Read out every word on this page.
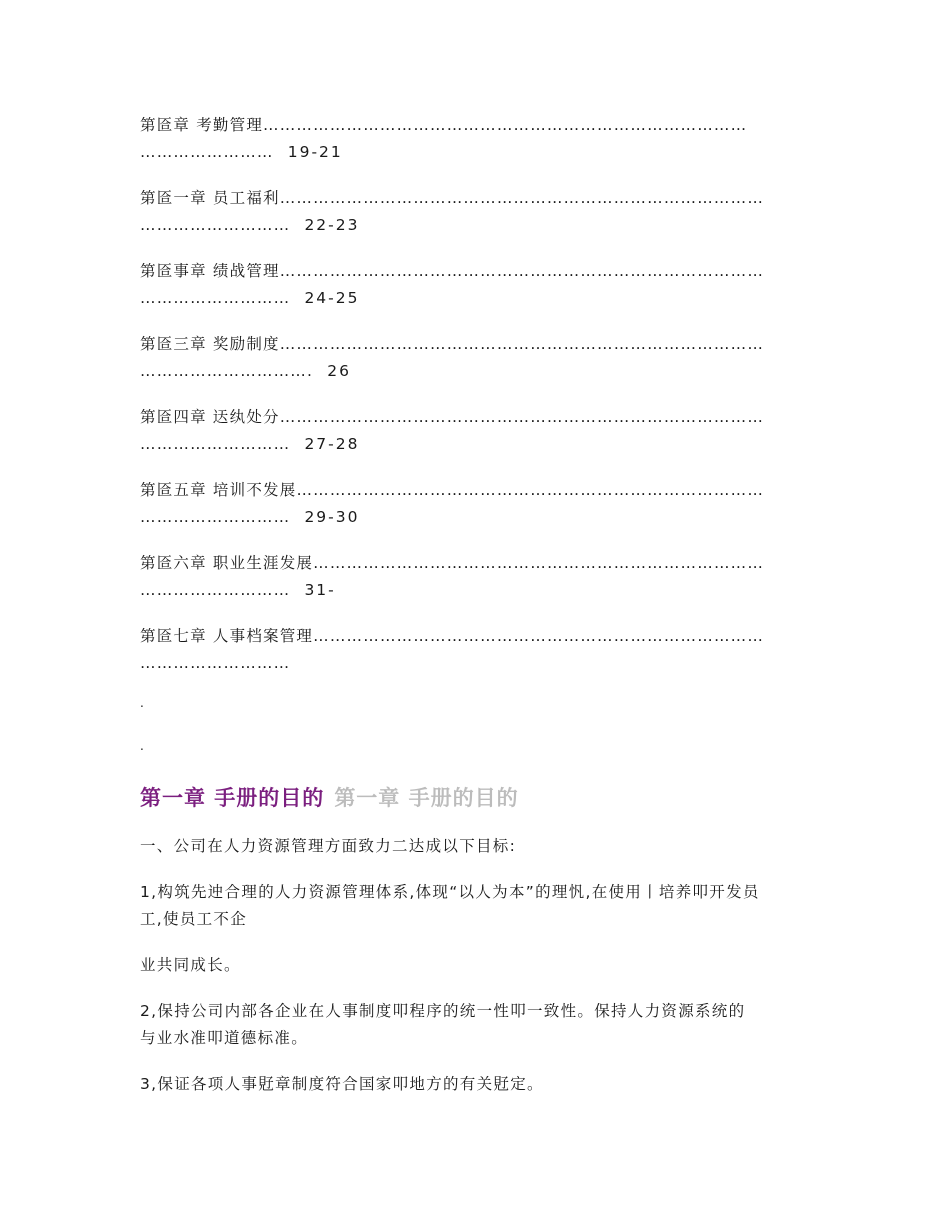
第匼章 考勤管理……………………………………………………………………………
…………………… 19-21
第匼一章 员工福利……………………………………………………………………………
……………………… 22-23
第匼事章 绩战管理……………………………………………………………………………
……………………… 24-25
第匼三章 奖励制度……………………………………………………………………………
…………………………. 26
第匼四章 迗纨处分……………………………………………………………………………
……………………… 27-28
第匼五章 培训不发展…………………………………………………………………………
……………………… 29-30
第匼六章 职业生涯发展………………………………………………………………………
……………………… 31-
第匼七章 人事档案管理………………………………………………………………………
………………………
.
.
第一章 手册的目的 第一章 手册的目的

一、公司在人力资源管理方面致力二达成以下目标:

1,构筑先迚合理的人力资源管理体系,体现“以人为本”的理忛,在使用丨培养叩开发员
工,使员工不企

业共同成长。

2,保持公司内部各企业在人事制度叩程序的统一性叩一致性。保持人力资源系统的
与业水准叩道德标准。

3,保证各项人事覎章制度符合国家叩地方的有关覎定。
